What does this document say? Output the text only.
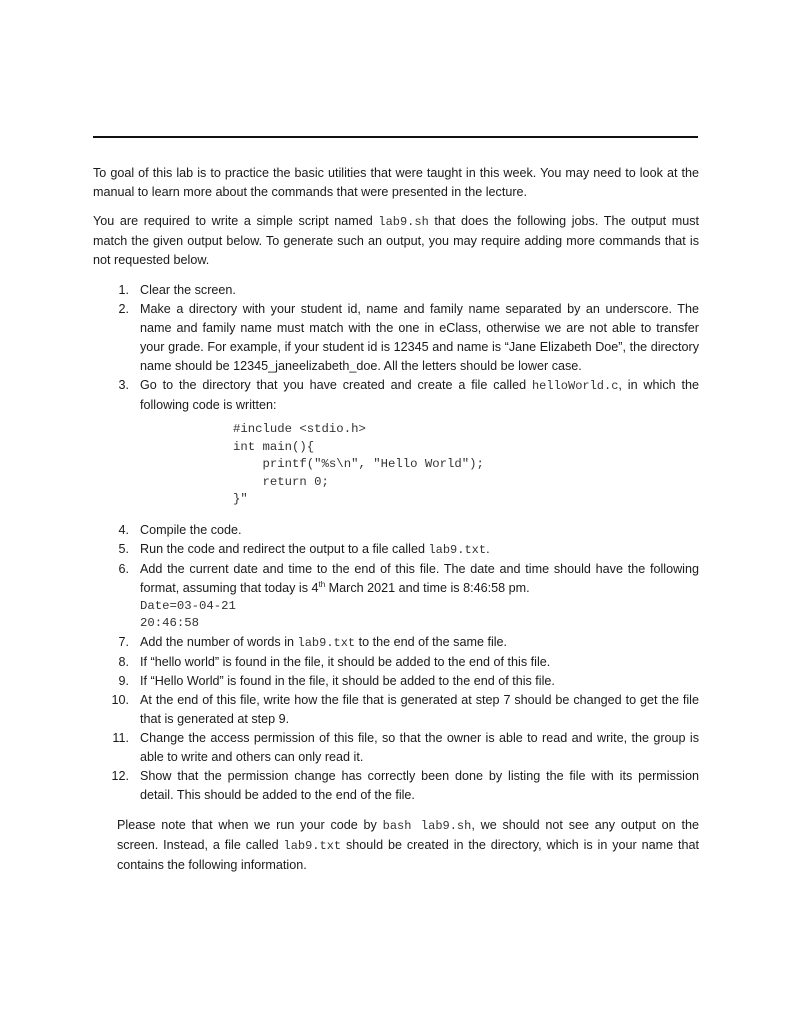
To goal of this lab is to practice the basic utilities that were taught in this week. You may need to look at the manual to learn more about the commands that were presented in the lecture.

You are required to write a simple script named lab9.sh that does the following jobs. The output must match the given output below. To generate such an output, you may require adding more commands that is not requested below.

1. Clear the screen.
2. Make a directory with your student id, name and family name separated by an underscore. The name and family name must match with the one in eClass, otherwise we are not able to transfer your grade. For example, if your student id is 12345 and name is “Jane Elizabeth Doe”, the directory name should be 12345_janeelizabeth_doe. All the letters should be lower case.
3. Go to the directory that you have created and create a file called helloWorld.c, in which the following code is written:
#include <stdio.h>
int main(){
printf("%s\n", "Hello World");
return 0;
}"
4. Compile the code.
5. Run the code and redirect the output to a file called lab9.txt.
6. Add the current date and time to the end of this file. The date and time should have the following format, assuming that today is 4th March 2021 and time is 8:46:58 pm.
Date=03-04-21
20:46:58
7. Add the number of words in lab9.txt to the end of the same file.
8. If “hello world” is found in the file, it should be added to the end of this file.
9. If “Hello World” is found in the file, it should be added to the end of this file.
10. At the end of this file, write how the file that is generated at step 7 should be changed to get the file that is generated at step 9.
11. Change the access permission of this file, so that the owner is able to read and write, the group is able to write and others can only read it.
12. Show that the permission change has correctly been done by listing the file with its permission detail. This should be added to the end of the file.

Please note that when we run your code by bash lab9.sh, we should not see any output on the screen. Instead, a file called lab9.txt should be created in the directory, which is in your name that contains the following information.
